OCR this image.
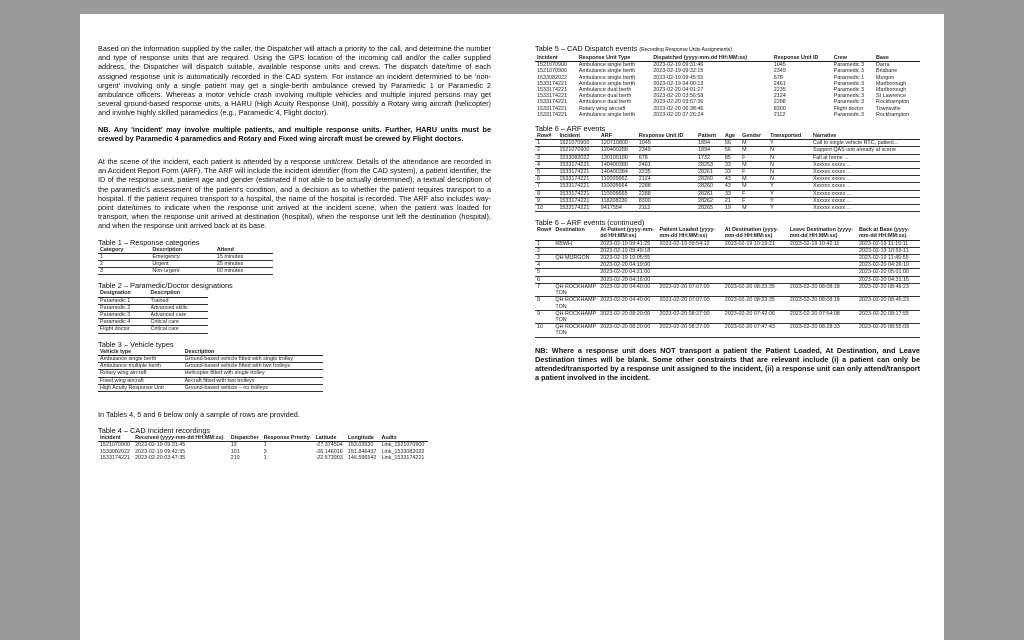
Based on the information supplied by the caller, the Dispatcher will attach a priority to the call, and determine the number and type of response units that are required. Using the GPS location of the incoming call and/or the caller supplied address, the Dispatcher will dispatch suitable, available response units and crews. The dispatch date/time of each assigned response unit is automatically recorded in the CAD system. For instance an incident determined to be 'non-urgent' involving only a single patient may get a single-berth ambulance crewed by Paramedic 1 or Paramedic 2 ambulance officers. Whereas a motor vehicle crash involving multiple vehicles and multiple injured persons may get several ground-based response units, a HARU (High Acuity Response Unit), possibly a Rotary wing aircraft (helicopter) and involve highly skilled paramedics (e.g., Paramedic 4, Flight doctor).

NB. Any 'incident' may involve multiple patients, and multiple response units. Further, HARU units must be crewed by Paramedic 4 paramedics and Rotary and Fixed wing aircraft must be crewed by Flight doctors.

At the scene of the incident, each patient is attended by a response unit/crew. Details of the attendance are recorded in an Accident Report Form (ARF). The ARF will include the incident identifier (from the CAD system), a patient identifier, the ID of the response unit, patient age and gender (estimated if not able to be actually determined), a textual description of the paramedic's assessment of the patient's condition, and a decision as to whether the patient requires transport to a hospital. If the patient requires transport to a hospital, the name of the hospital is recorded. The ARF also includes way-point date/times to indicate when the response unit arrived at the incident scene, when the patient was loaded for transport, when the response unit arrived at destination (hospital), when the response unit left the destination (hospital), and when the response unit arrived back at its base.

Table 1 – Response categories
Category	Description	Attend
1	Emergency	15 minutes
2	Urgent	25 minutes
3	Non-urgent	60 minutes
Table 2 – Paramedic/Doctor designations
Designation	Description
Paramedic 1	Trained
Paramedic 2	Advanced skills
Paramedic 3	Advanced care
Paramedic 4	Critical care
Flight doctor	Critical care
Table 3 – Vehicle types
Vehicle type	Description
Ambulance single berth	Ground-based vehicle fitted with single trolley
Ambulance multiple berth	Ground-based vehicle fitted with two trolleys
Rotary wing aircraft	Helicopter fitted with single trolley
Fixed wing aircraft	Aircraft fitted with two trolleys
High Acuity Response Unit	Ground-based vehicle – no trolleys

In Tables 4, 5 and 6 below only a sample of rows are provided.

Table 4 – CAD Incident recordings
Incident	Received (yyyy-mm-dd HH:MM:ss)	Dispatcher	Response Priority	Latitude	Longitude	Audio
1521070900	2023-02-19 09:31:45	13	1	-27.374504	153.03920	Link_1521070900
1533082022	2023-02-19 09:42:35	101	3	-26.146016	151.846437	Link_1533082022
1533174221	2023-02-20 03:47:35	210	1	-22.573903	146.596542	Link_1533174221
Table 5 – CAD Dispatch events (Recording Response Units Assignments)
Incident	Response Unit Type	Dispatched (yyyy-mm-dd HH:MM:ss)	Response Unit ID	Crew	Base
1521070900	Ambulance single berth	2023-02-19 09:31:46	1045	Paramedic 3	Darra
1521070900	Ambulance single berth	2023-02-19 09:32:15	2349	Paramedic 3	Brisbane
1533082022	Ambulance single berth	2023-02-19 09:45:55	678	Paramedic 1	Murgon
1533174221	Ambulance single berth	2023-02-19 04:00:13	2461	Paramedic 3	Marlborough
1533174221	Ambulance dual berth	2023-02-20 04:01:27	2235	Paramedic 3	Marlborough
1533174221	Ambulance dual berth	2023-02-20 03:56:58	2124	Paramedic 3	St Lawrence
1533174221	Ambulance dual berth	2023-02-20 03:57:36	2288	Paramedic 3	Rockhampton
1533174221	Rotary wing aircraft	2023-02-20 06:38:46	8300	Flight doctor	Townsville
1533174221	Ambulance single berth	2023-02-20 07:26:24	2112	Paramedic 3	Rockhampton
Table 6 – ARF events
Row#	Incident	ARF	Response Unit ID	Patient	Age	Gender	Transported	Narrative
1	1521070900	120710800	1045	1894	56	M	Y	Call to single vehicle RTC, patient...
2	1521070900	120400288	2349	1894	56	M	N	Support QAS unit already at scene
3	1533082022	130100180	678	1732	85	F	N	Fall at home ...
4	1533174221	140400380	2461	28253	33	M	N	Xxxxxx xxxxx ...
5	1533174221	140400384	2235	28261	33	F	N	Xxxxxx xxxxx ...
6	1533174221	110005662	2124	28260	43	M	N	Xxxxxx xxxxx ...
7	1533174221	110005664	2288	28260	43	M	Y	Xxxxxx xxxxx ...
8	1533174221	110005665	2288	28261	33	F	Y	Xxxxxx xxxxx ...
9	1533174221	118208230	8300	28262	21	F	Y	Xxxxxx xxxxx ...
10	1533174221	9417554	2112	28265	19	M	Y	Xxxxxx xxxxx ...
Table 6 – ARF events (continued)
Row#	Destination	At Patient (yyyy-mm-dd HH:MM:ss)	Patient Loaded (yyyy-mm-dd HH:MM:ss)	At Destination (yyyy-mm-dd HH:MM:ss)	Leave Destination (yyyy-mm-dd HH:MM:ss)	Back at Base (yyyy-mm-dd HH:MM:ss)
1	RBWH	2023-02-19 09:41:25	2023-02-19 09:54:12	2023-02-19 10:19:21	2023-02-19 10:42:11	2023-02-19 11:15:11
2		2023-02-19 09:49:18				2023-02-19 10:59:11
3	QH MURGON	2023-02-19 10:05:55				2023-02-19 11:45:55
4		2023-02-20 04:19:00				2023-02-20 04:26:10
5		2023-02-20 04:21:00				2023-02-20 05:01:00
6		2023-02-20 04:16:00				2023-02-20 04:31:15
7	QH ROCKHAMP TON	2023-02-20 04:40:00	2023-02-20 07:07:00	2023-02-20 08:23:35	2023-02-20 08:08:18	2023-02-20 08:46:23
8	QH ROCKHAMP TON	2023-02-20 04:40:00	2023-02-20 07:07:00	2023-02-20 08:23:35	2023-02-20 08:08:18	2023-02-20 08:46:23
9	QH ROCKHAMP TON	2023-02-20 08:20:00	2023-02-20 08:27:00	2023-02-20 07:42:06	2023-02-20 07:54:08	2023-02-20 08:17:55
10	QH ROCKHAMP TON	2023-02-20 08:20:00	2023-02-20 08:27:00	2023-02-20 07:47:43	2023-02-20 08:28:33	2023-02-20 08:55:09

NB: Where a response unit does NOT transport a patient the Patient Loaded, At Destination, and Leave Destination times will be blank. Some other constraints that are relevant include (i) a patient can only be attended/transported by a response unit assigned to the incident, (ii) a response unit can only attend/transport a patient involved in the incident.
